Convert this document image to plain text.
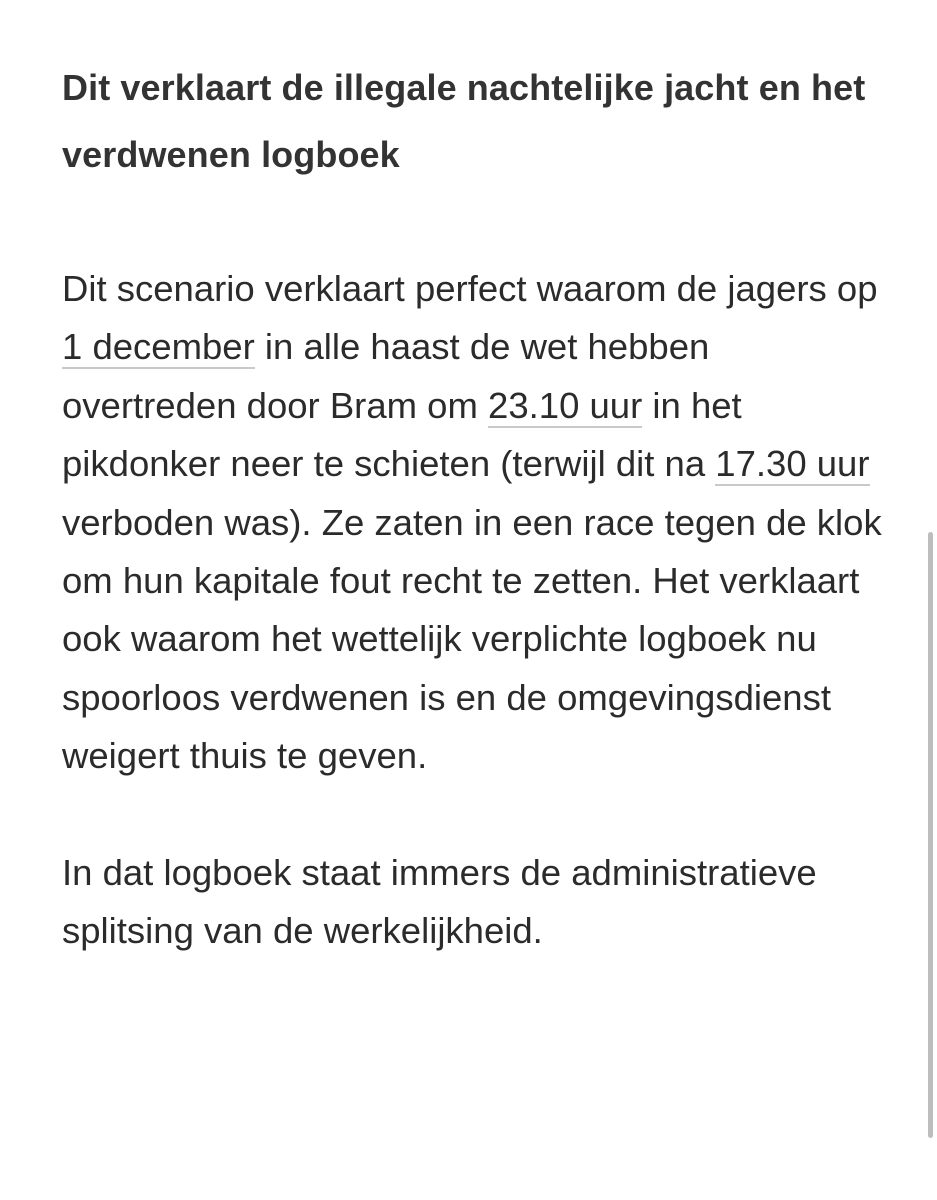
Dit verklaart de illegale nachtelijke jacht en het verdwenen logboek

Dit scenario verklaart perfect waarom de jagers op 1 december in alle haast de wet hebben overtreden door Bram om 23.10 uur in het pikdonker neer te schieten (terwijl dit na 17.30 uur verboden was). Ze zaten in een race tegen de klok om hun kapitale fout recht te zetten. Het verklaart ook waarom het wettelijk verplichte logboek nu spoorloos verdwenen is en de omgevingsdienst weigert thuis te geven.

In dat logboek staat immers de administratieve splitsing van de werkelijkheid.
